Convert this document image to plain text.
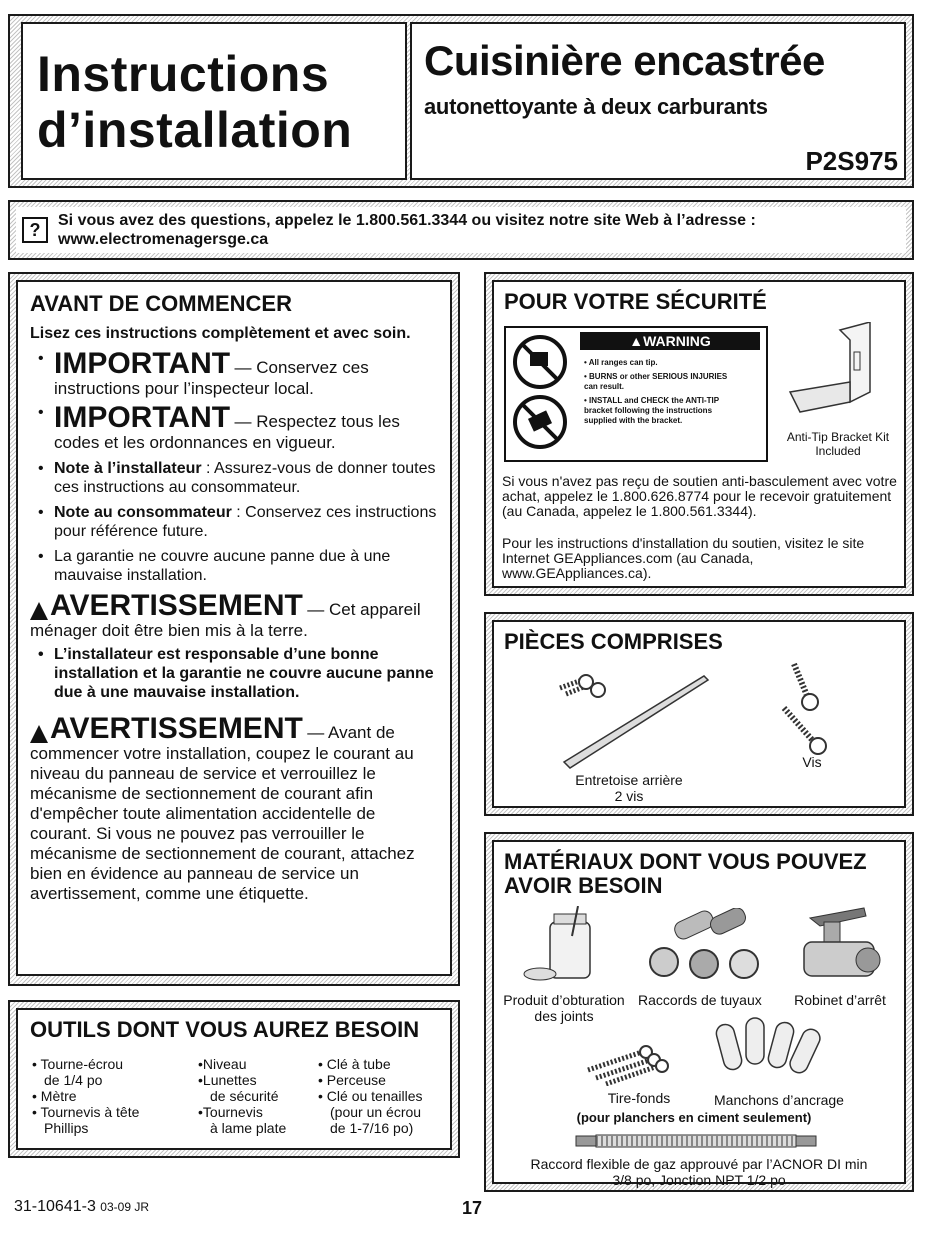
Instructions d’installation
Cuisinière encastrée
autonettoyante à deux carburants
P2S975
?	Si vous avez des questions, appelez le 1.800.561.3344 ou visitez notre site Web à l’adresse : www.electromenagersge.ca
AVANT DE COMMENCER
Lisez ces instructions complètement et avec soin.
• IMPORTANT — Conservez ces instructions pour l’inspecteur local.
• IMPORTANT — Respectez tous les codes et les ordonnances en vigueur.
• Note à l’installateur : Assurez-vous de donner toutes ces instructions au consommateur.
• Note au consommateur : Conservez ces instructions pour référence future.
• La garantie ne couvre aucune panne due à une mauvaise installation.
AVERTISSEMENT — Cet appareil ménager doit être bien mis à la terre.
• L’installateur est responsable d’une bonne installation et la garantie ne couvre aucune panne due à une mauvaise installation.
AVERTISSEMENT — Avant de commencer votre installation, coupez le courant au niveau du panneau de service et verrouillez le mécanisme de sectionnement de courant afin d'empêcher toute alimentation accidentelle de courant. Si vous ne pouvez pas verrouiller le mécanisme de sectionnement de courant, attachez bien en évidence au panneau de service un avertissement, comme une étiquette.
OUTILS DONT VOUS AUREZ BESOIN
• Tourne-écrou
de 1/4 po
• Mètre
• Tournevis à tête
Phillips
•Niveau
•Lunettes
de sécurité
•Tournevis
à lame plate
• Clé à tube
• Perceuse
• Clé ou tenailles
(pour un écrou
de 1-7/16 po)
POUR VOTRE SÉCURITÉ
▲WARNING
• All ranges can tip.
• BURNS or other SERIOUS INJURIES can result.
• INSTALL and CHECK the ANTI-TIP bracket following the instructions supplied with the bracket.
Anti-Tip Bracket Kit Included
Si vous n'avez pas reçu de soutien anti-basculement avec votre achat, appelez le 1.800.626.8774 pour le recevoir gratuitement (au Canada, appelez le 1.800.561.3344).
Pour les instructions d'installation du soutien, visitez le site Internet GEAppliances.com (au Canada, www.GEAppliances.ca).
PIÈCES COMPRISES
Entretoise arrière
2 vis
Vis
MATÉRIAUX DONT VOUS POUVEZ AVOIR BESOIN
Produit d’obturation des joints
Raccords de tuyaux	Robinet d’arrêt
Tire-fonds	Manchons d’ancrage
(pour planchers en ciment seulement)
Raccord flexible de gaz approuvé par l’ACNOR DI min 3/8 po, Jonction NPT 1/2 po
31-10641-3 03-09 JR	17
